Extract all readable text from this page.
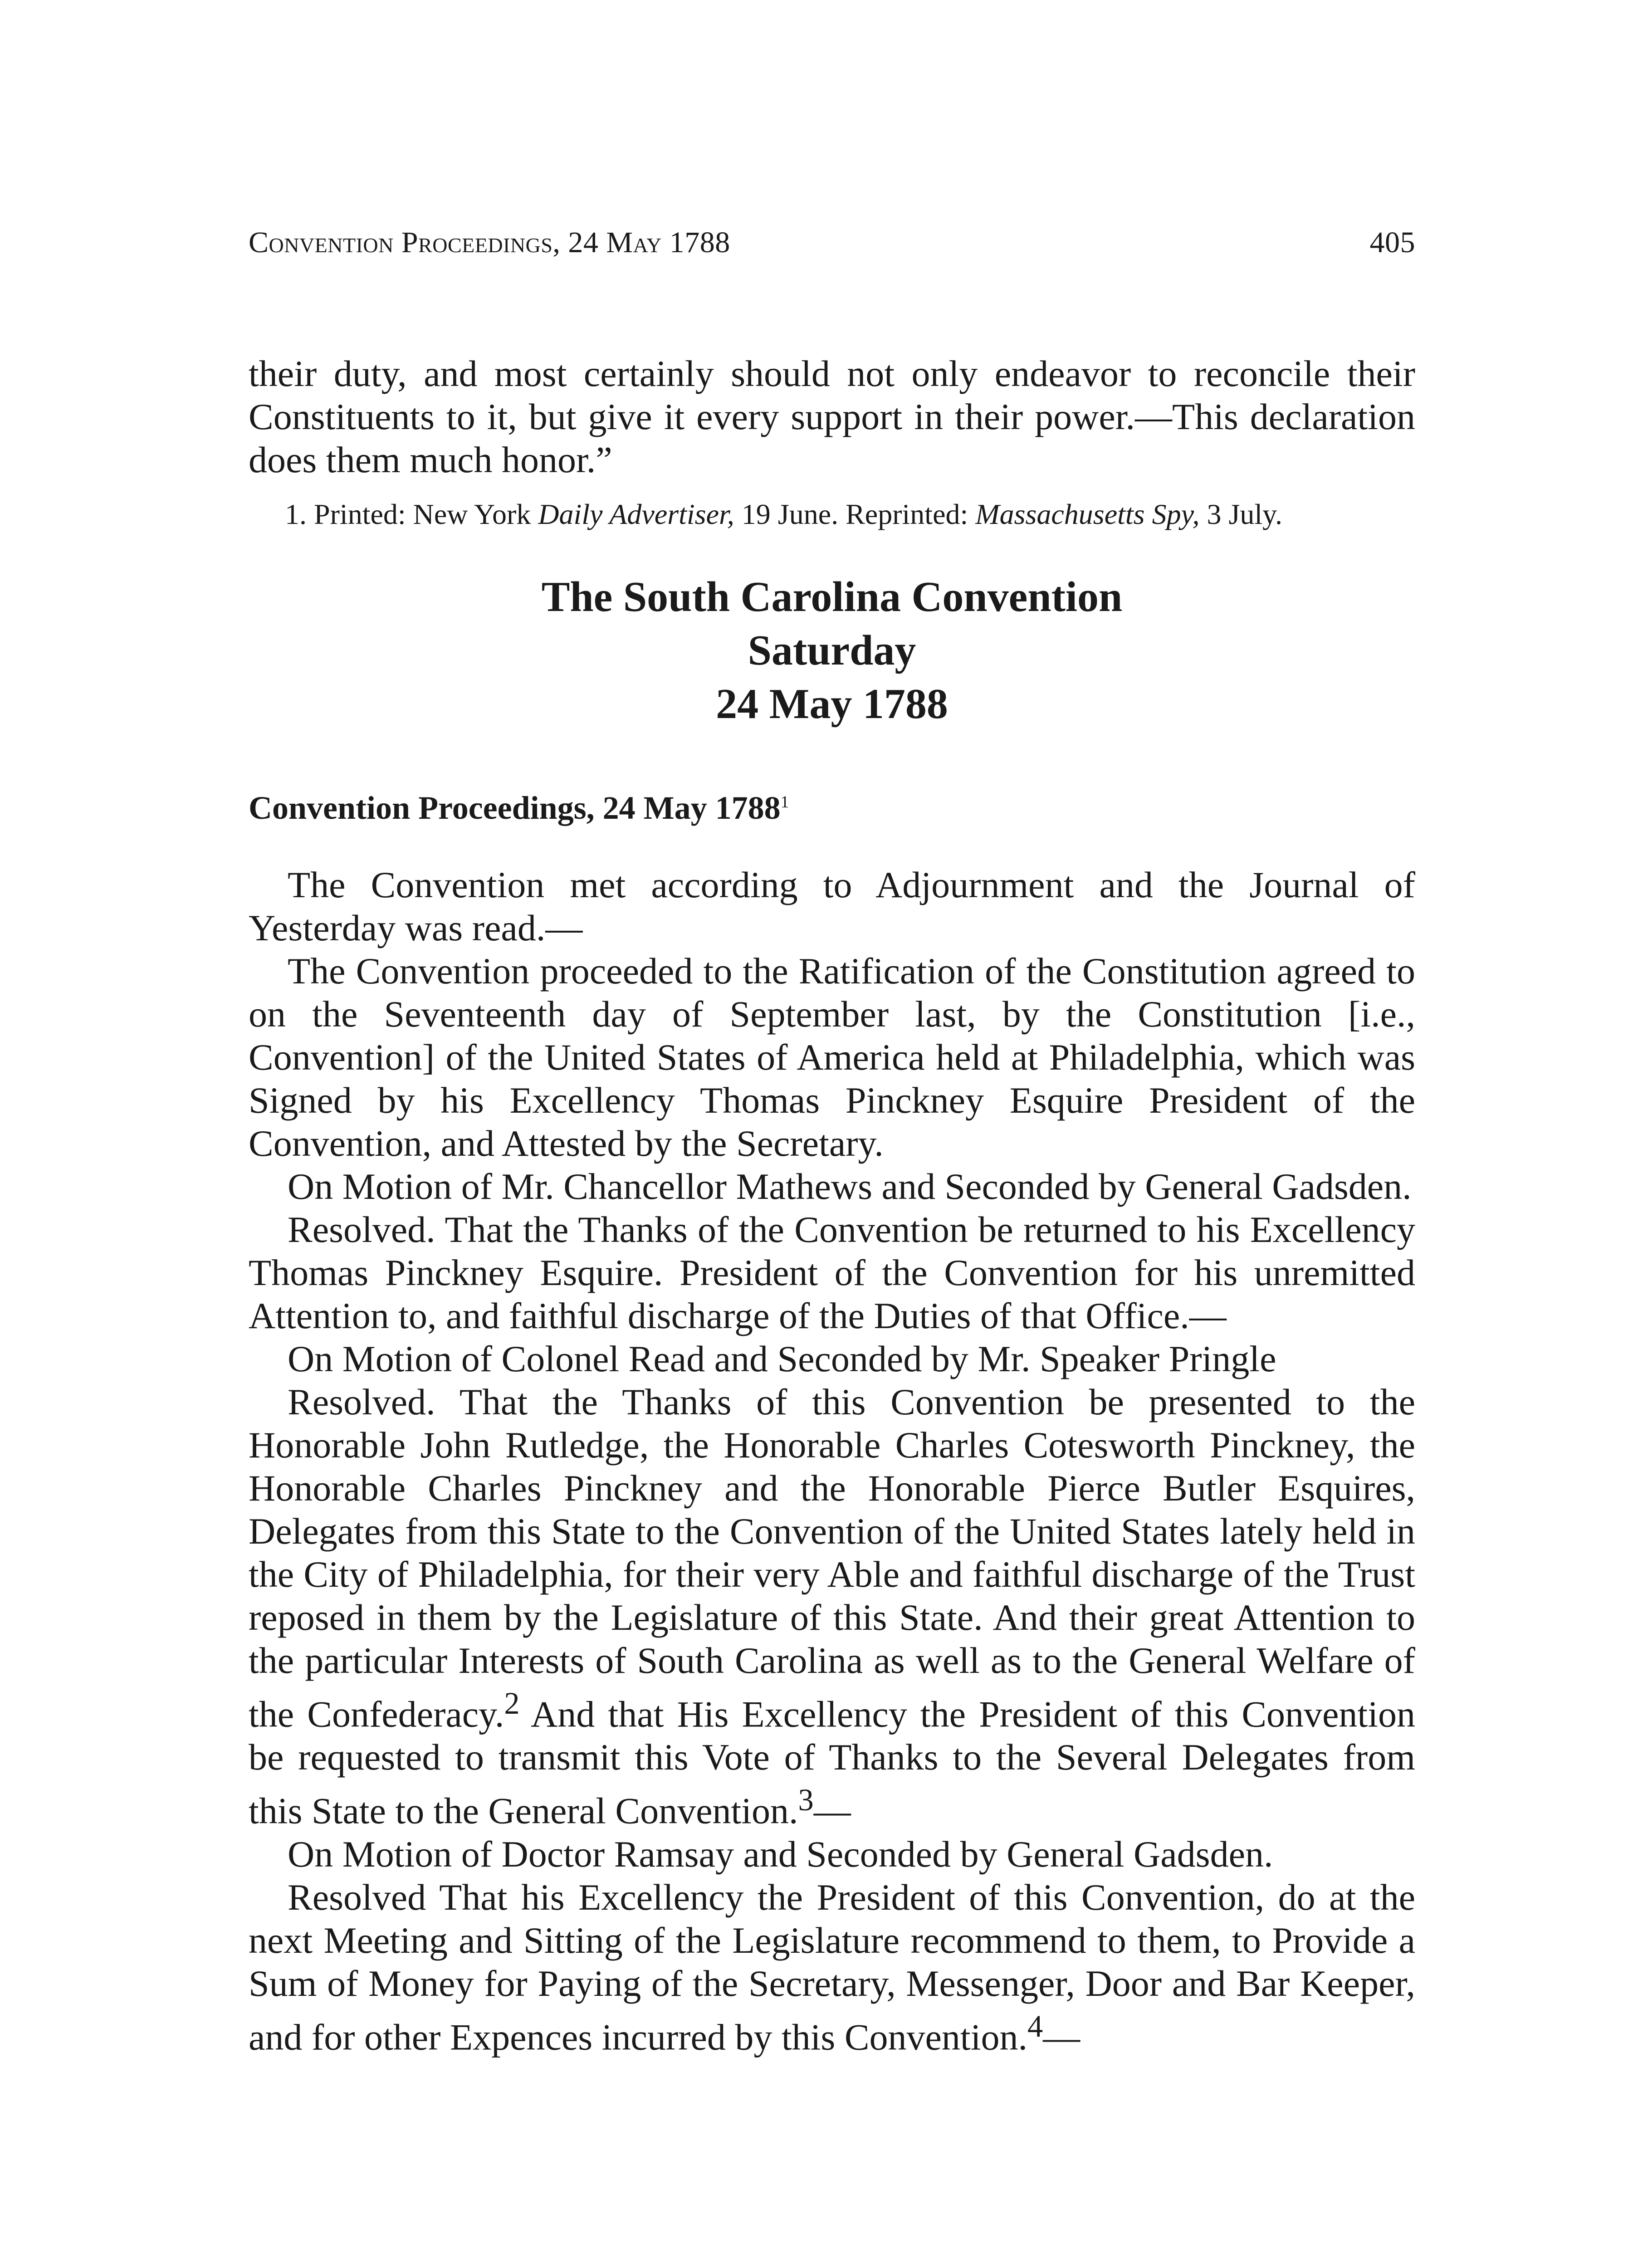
Convention Proceedings, 24 May 1788	405

their duty, and most certainly should not only endeavor to reconcile their Constituents to it, but give it every support in their power.—This declaration does them much honor.”

1. Printed: New York Daily Advertiser, 19 June. Reprinted: Massachusetts Spy, 3 July.
The South Carolina Convention
Saturday
24 May 1788
Convention Proceedings, 24 May 1788$^1$

The Convention met according to Adjournment and the Journal of Yesterday was read.—

The Convention proceeded to the Ratification of the Constitution agreed to on the Seventeenth day of September last, by the Constitution [i.e., Convention] of the United States of America held at Philadelphia, which was Signed by his Excellency Thomas Pinckney Esquire President of the Convention, and Attested by the Secretary.

On Motion of Mr. Chancellor Mathews and Seconded by General Gadsden.

Resolved. That the Thanks of the Convention be returned to his Excellency Thomas Pinckney Esquire. President of the Convention for his unremitted Attention to, and faithful discharge of the Duties of that Office.—

On Motion of Colonel Read and Seconded by Mr. Speaker Pringle

Resolved. That the Thanks of this Convention be presented to the Honorable John Rutledge, the Honorable Charles Cotesworth Pinckney, the Honorable Charles Pinckney and the Honorable Pierce Butler Esquires, Delegates from this State to the Convention of the United States lately held in the City of Philadelphia, for their very Able and faithful discharge of the Trust reposed in them by the Legislature of this State. And their great Attention to the particular Interests of South Carolina as well as to the General Welfare of the Confederacy.$^2$ And that His Excellency the President of this Convention be requested to transmit this Vote of Thanks to the Several Delegates from this State to the General Convention.$^3$—

On Motion of Doctor Ramsay and Seconded by General Gadsden.

Resolved That his Excellency the President of this Convention, do at the next Meeting and Sitting of the Legislature recommend to them, to Provide a Sum of Money for Paying of the Secretary, Messenger, Door and Bar Keeper, and for other Expences incurred by this Convention.$^4$—
